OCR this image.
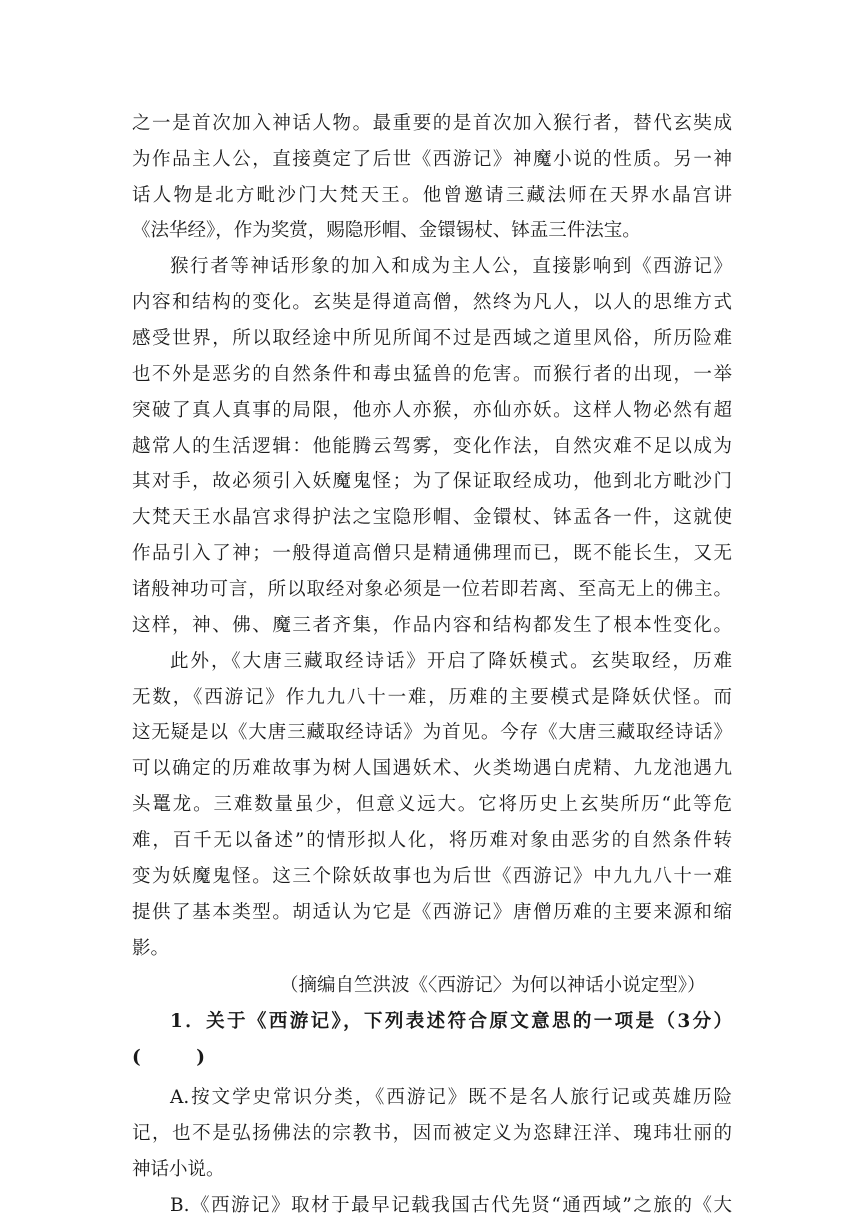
之一是首次加入神话人物。最重要的是首次加入猴行者，替代玄奘成
为作品主人公，直接奠定了后世《西游记》神魔小说的性质。另一神
话人物是北方毗沙门大梵天王。他曾邀请三藏法师在天界水晶宫讲
《法华经》，作为奖赏，赐隐形帽、金镮锡杖、钵盂三件法宝。
猴行者等神话形象的加入和成为主人公，直接影响到《西游记》
内容和结构的变化。玄奘是得道高僧，然终为凡人，以人的思维方式
感受世界，所以取经途中所见所闻不过是西域之道里风俗，所历险难
也不外是恶劣的自然条件和毒虫猛兽的危害。而猴行者的出现，一举
突破了真人真事的局限，他亦人亦猴，亦仙亦妖。这样人物必然有超
越常人的生活逻辑：他能腾云驾雾，变化作法，自然灾难不足以成为
其对手，故必须引入妖魔鬼怪；为了保证取经成功，他到北方毗沙门
大梵天王水晶宫求得护法之宝隐形帽、金镮杖、钵盂各一件，这就使
作品引入了神；一般得道高僧只是精通佛理而已，既不能长生，又无
诸般神功可言，所以取经对象必须是一位若即若离、至高无上的佛主。
这样，神、佛、魔三者齐集，作品内容和结构都发生了根本性变化。
此外，《大唐三藏取经诗话》开启了降妖模式。玄奘取经，历难
无数，《西游记》作九九八十一难，历难的主要模式是降妖伏怪。而
这无疑是以《大唐三藏取经诗话》为首见。今存《大唐三藏取经诗话》
可以确定的历难故事为树人国遇妖术、火类坳遇白虎精、九龙池遇九
头鼍龙。三难数量虽少，但意义远大。它将历史上玄奘所历“此等危
难，百千无以备述”的情形拟人化，将历难对象由恶劣的自然条件转
变为妖魔鬼怪。这三个除妖故事也为后世《西游记》中九九八十一难
提供了基本类型。胡适认为它是《西游记》唐僧历难的主要来源和缩
影。
（摘编自竺洪波《〈西游记〉为何以神话小说定型》）
1．关于《西游记》，下列表述符合原文意思的一项是（3分）
(　　　)
A.按文学史常识分类，《西游记》既不是名人旅行记或英雄历险
记，也不是弘扬佛法的宗教书，因而被定义为恣肆汪洋、瑰玮壮丽的
神话小说。
B.《西游记》取材于最早记载我国古代先贤“通西域”之旅的《大
